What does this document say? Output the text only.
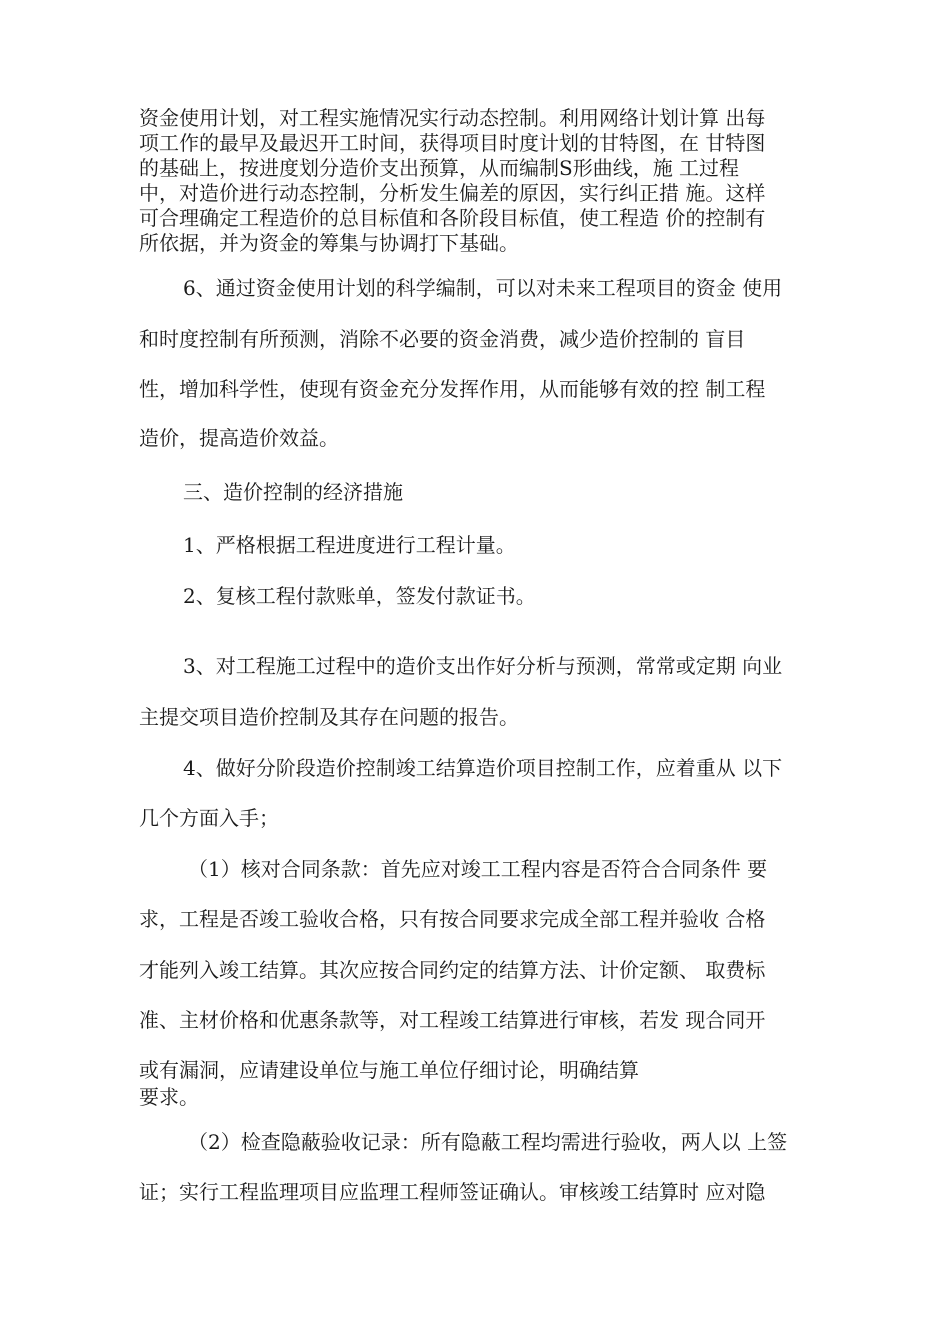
资金使用计划，对工程实施情况实行动态控制。利用网络计划计算 出每
项工作的最早及最迟开工时间，获得项目时度计划的甘特图，在 甘特图
的基础上，按进度划分造价支出预算，从而编制S形曲线，施 工过程
中，对造价进行动态控制，分析发生偏差的原因，实行纠正措 施。这样
可合理确定工程造价的总目标值和各阶段目标值，使工程造 价的控制有
所依据，并为资金的筹集与协调打下基础。
6、通过资金使用计划的科学编制，可以对未来工程项目的资金 使用
和时度控制有所预测，消除不必要的资金消费，减少造价控制的 盲目
性，增加科学性，使现有资金充分发挥作用，从而能够有效的控 制工程
造价，提高造价效益。
三、造价控制的经济措施
1、严格根据工程进度进行工程计量。
2、复核工程付款账单，签发付款证书。
3、对工程施工过程中的造价支出作好分析与预测，常常或定期 向业
主提交项目造价控制及其存在问题的报告。
4、做好分阶段造价控制竣工结算造价项目控制工作，应着重从 以下
几个方面入手；
（1）核对合同条款：首先应对竣工工程内容是否符合合同条件 要
求，工程是否竣工验收合格，只有按合同要求完成全部工程并验收 合格
才能列入竣工结算。其次应按合同约定的结算方法、计价定额、 取费标
准、主材价格和优惠条款等，对工程竣工结算进行审核，若发 现合同开
或有漏洞，应请建设单位与施工单位仔细讨论，明确结算
要求。
（2）检查隐蔽验收记录：所有隐蔽工程均需进行验收，两人以 上签
证；实行工程监理项目应监理工程师签证确认。审核竣工结算时 应对隐
